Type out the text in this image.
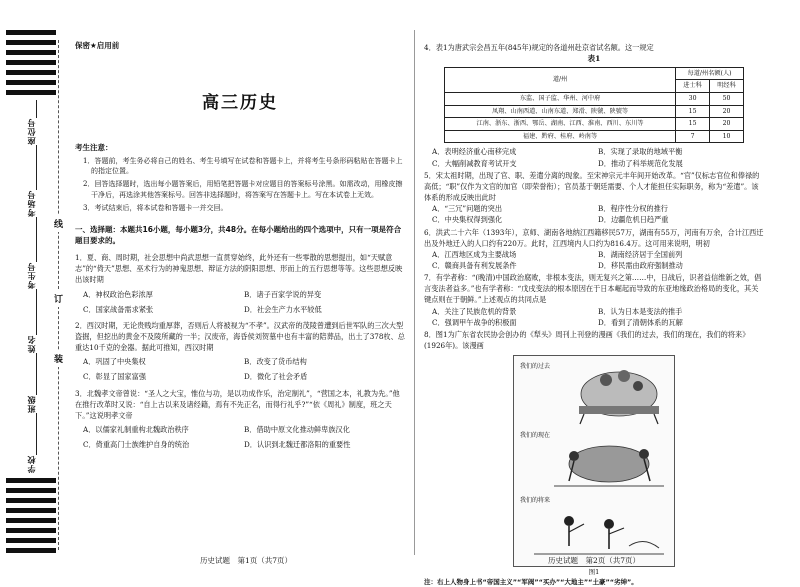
座位号
考场号
考生号
姓名
班级
学校
线
订
装
保密★启用前
高三历史
考生注意：

1．答题前，考生务必将自己的姓名、考生号填写在试卷和答题卡上，并将考生号条形码粘贴在答题卡上的指定位置。

2．回答选择题时，选出每小题答案后，用铅笔把答题卡对应题目的答案标号涂黑。如需改动，用橡皮擦干净后，再选涂其他答案标号。回答非选择题时，将答案写在答题卡上。写在本试卷上无效。

3．考试结束后，将本试卷和答题卡一并交回。

一、选择题：本题共16小题，每小题3分，共48分。在每小题给出的四个选项中，只有一项是符合题目要求的。

1．夏、商、周时期，社会思想中尚武思想一直贯穿始终，此外还有一些零散的思想提出，如“天赋意志”的“倚天”思想、巫术行为的神鬼思想、辩证方法的阴阳思想、形而上的五行思想等等。这些思想反映出该时期

A．神权政治色彩浓厚	B．诸子百家学说的异变
C．国家战备需求紧张	D．社会生产力水平较低

2．西汉时期，无论贵贱均重厚葬，否则后人将被视为“不孝”。汉武帝的茂陵曾遭到后世军队的三次大型盗掘，但挖出的黄金不及陵所藏的一半；汉废帝，海昏侯刘贺墓中也有丰富的陪葬品，出土了378枚、总重达10千克的金器。据此可推知，西汉时期

A．巩固了中央集权	B．改变了货币结构
C．彰显了国家富强	D．微化了社会矛盾

3．北魏孝文帝曾说：“圣人之大宝，惟位与功，是以功成作乐，治定制礼”，“营国之本，礼教为先。”他在推行改革时又说：“自上古以来及诸经籍，焉有不先正名，而得行礼乎?”“依《周礼》制度，班之天下。”这说明孝文帝

A．以儒家礼制重构北魏政治秩序	B．借助中原文化推动鲜卑族汉化
C．倚重高门士族维护自身的统治	D．认识到北魏迁都洛阳的重要性
历史试题　第1页（共7页）

4．表1为唐武宗会昌五年(845年)规定的各道州赴京省试名额。这一规定

表1
道/州	每道/州名额(人)	
	进士科	明经科
东监、国子监、华州、河中府	30	50
凤翔、山南西道、山南东道、郑滑、陕虢、陕號等	15	20
江南、浙东、浙西、鄂岳、湖南、江西、淮南、西川、东川等	15	20
福建、黔府、桂府、岭南等	7	10
A．表明经济重心南移完成	B．实现了录取的地域平衡
C．大幅削减教育考试开支	D．推动了科举规范化发展

5．宋太祖时期，出现了官、职、差遣分离的现象。至宋神宗元丰年间开始改革。“官”仅标志官位和俸禄的高低；“职”仅作为文官的加官（即荣誉衔）；官员基于朝廷需要、个人才能担任实际职务，称为“差遣”。该体系的形成反映出此时

A．“三冗”问题的突出	B．程序性分权的推行
C．中央集权得到强化	D．边疆危机日趋严重

6．洪武二十六年（1393年），京师、湖南各地纳江西籍移民57万，湖南有55万，河南有万余，合计江西迁出及外地迁入的人口约有220万。此时，江西境内人口约为816.4万。这可用来说明，明初

A．江西地区成为主要战场	B．湖南经济居于全国前列
C．赣商具备有利发展条件	D．移民需由政府强制推动

7．有学者称：“(晚清)中国政治腐败，非根本变法，则无复兴之第……中，日战后，识者益信维新之效，倡言变法者益多。”也有学者称：“戊戌变法的根本原因在于日本崛起而导致的东亚地缘政治格局的变化，其关键点则在于朝鲜。”上述观点的共同点是

A．关注了民族危机的背景	B．认为日本是变法的推手
C．强调甲午战争的积极面	D．看到了清朝体系的瓦解

8．图1为广东省农民协会创办的《犁头》周刊上刊登的漫画《我们的过去，我们的现在，我们的将来》(1926年)。该漫画

我们的过去
我们的现在
我们的将来
图1
注：右上人物身上书“帝国主义”“军阀”“买办”“大地主”“土豪”“劣绅”。
历史试题　第2页（共7页）
